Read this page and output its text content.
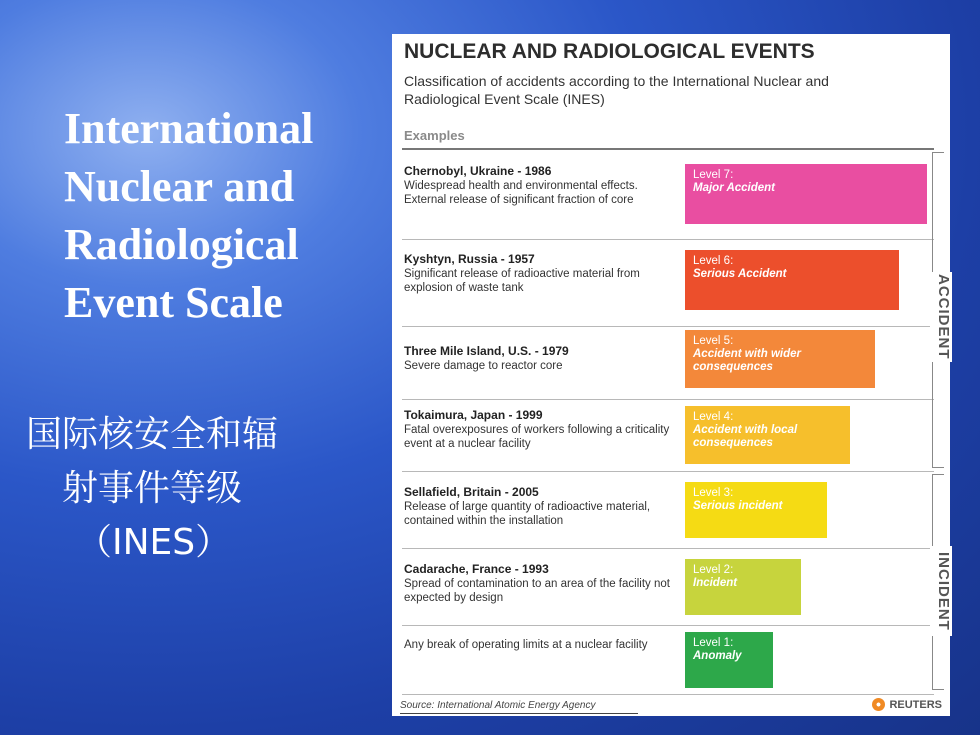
International
Nuclear and
Radiological
Event Scale
国际核安全和辐
射事件等级
（INES）
NUCLEAR AND RADIOLOGICAL EVENTS
Classification of accidents according to the International Nuclear and Radiological Event Scale (INES)
Examples
Chernobyl, Ukraine - 1986
Widespread health and environmental effects. External release of significant fraction of core
Level 7:
Major Accident
Kyshtyn, Russia - 1957
Significant release of radioactive material from explosion of waste tank
Level 6:
Serious Accident
Three Mile Island, U.S. - 1979
Severe damage to reactor core
Level 5:
Accident with wider consequences
Tokaimura, Japan - 1999
Fatal overexposures of workers following a criticality event at a nuclear facility
Level 4:
Accident with local consequences
Sellafield, Britain - 2005
Release of large quantity of radioactive material, contained within the installation
Level 3:
Serious incident
Cadarache, France - 1993
Spread of contamination to an area of the facility not expected by design
Level 2:
Incident
Any break of operating limits at a nuclear facility	Level 1:
Anomaly
ACCIDENT
INCIDENT
Source: International Atomic Energy Agency	REUTERS
